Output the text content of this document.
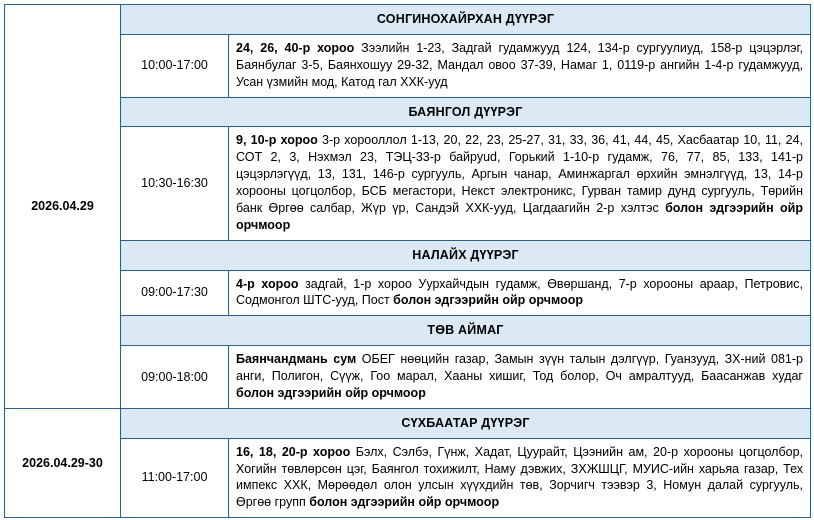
2026.04.29	СОНГИНОХАЙРХАН ДҮҮРЭГ	
	10:00-17:00	24, 26, 40-р хороо Зээлийн 1-23, Задгай гудамжууд 124, 134-р сургуулиуд, 158-р цэцэрлэг, Баянбулаг 3-5, Баянхошуу 29-32, Мандал овоо 37-39, Намаг 1, 0119-р ангийн 1-4-р гудамжууд, Усан үзмийн мод, Катод гал ХХК-ууд
	БАЯНГОЛ ДҮҮРЭГ	
	10:30-16:30	9, 10-р хороо 3-р хорооллол 1-13, 20, 22, 23, 25-27, 31, 33, 36, 41, 44, 45, Хасбаатар 10, 11, 24, СОТ 2, 3, Нэхмэл 23, ТЭЦ-33-р байруud, Горький 1-10-р гудамж, 76, 77, 85, 133, 141-р цэцэрлэгүүд, 13, 131, 146-р сургууль, Аргын чанар, Аминжаргал өрхийн эмнэлгүүд, 13, 14-р хорооны цогцолбор, БСБ мегастори, Некст электроникс, Гурван тамир дунд сургууль, Төрийн банк Өргөө салбар, Жүр үр, Сандэй ХХК-ууд, Цагдаагийн 2-р хэлтэс болон эдгээрийн ойр орчмоор
	НАЛАЙХ ДҮҮРЭГ	
	09:00-17:30	4-р хороо задгай, 1-р хороо Уурхайчдын гудамж, Өвөршанд, 7-р хорооны араар, Петровис, Содмонгол ШТС-ууд, Пост болон эдгээрийн ойр орчмоор
	ТӨВ АЙМАГ	
	09:00-18:00	Баянчандмань сум ОБЕГ нөөцийн газар, Замын зүүн талын дэлгүүр, Гуанзууд, ЗХ-ний 081-р анги, Полигон, Сүүж, Гоо марал, Хааны хишиг, Тод болор, Оч амралтууд, Баасанжав худаг болон эдгээрийн ойр орчмоор
2026.04.29-30	СҮХБААТАР ДҮҮРЭГ	
	11:00-17:00	16, 18, 20-р хороо Бэлх, Сэлбэ, Гүнж, Хадат, Цуурайт, Цээнийн ам, 20-р хорооны цогцолбор, Хогийн төвлөрсөн цэг, Баянгол тохижилт, Наму дэвжих, ЗХЖШЦГ, МУИС-ийн харьяа газар, Тех импекс ХХК, Мөрөөдөл олон улсын хүүхдийн төв, Зорчигч тээвэр 3, Номун далай сургууль, Өргөө групп болон эдгээрийн ойр орчмоор
